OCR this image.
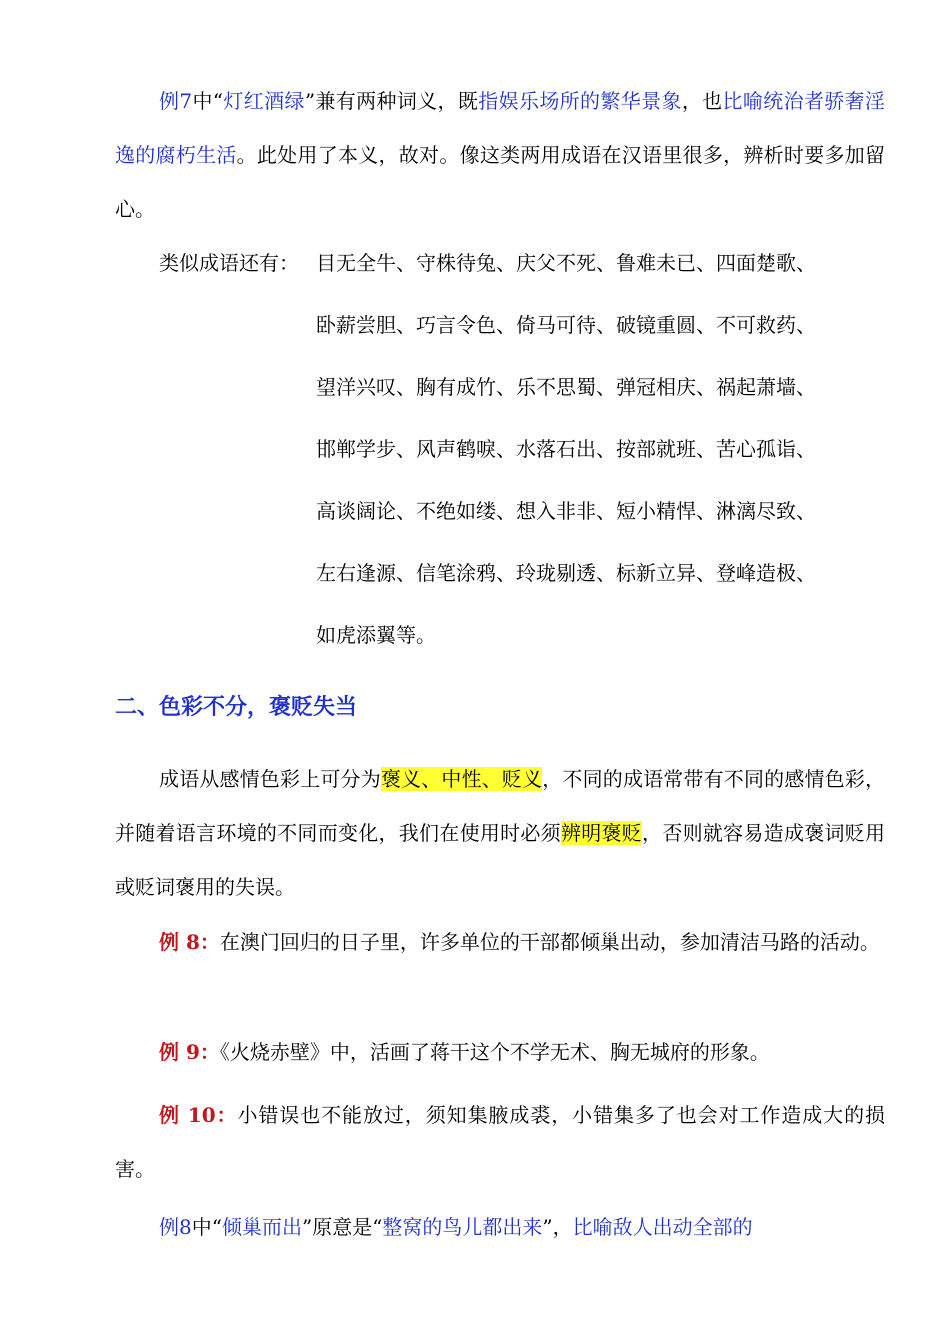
例7中“灯红酒绿”兼有两种词义，既指娱乐场所的繁华景象，也比喻统治者骄奢淫逸的腐朽生活。此处用了本义，故对。像这类两用成语在汉语里很多，辨析时要多加留心。

类似成语还有： 目无全牛、守株待兔、庆父不死、鲁难未已、四面楚歌、
卧薪尝胆、巧言令色、倚马可待、破镜重圆、不可救药、
望洋兴叹、胸有成竹、乐不思蜀、弹冠相庆、祸起萧墙、
邯郸学步、风声鹤唳、水落石出、按部就班、苦心孤诣、
高谈阔论、不绝如缕、想入非非、短小精悍、淋漓尽致、
左右逢源、信笔涂鸦、玲珑剔透、标新立异、登峰造极、
如虎添翼等。
二、色彩不分，褒贬失当

成语从感情色彩上可分为褒义、中性、贬义，不同的成语常带有不同的感情色彩，并随着语言环境的不同而变化，我们在使用时必须辨明褒贬，否则就容易造成褒词贬用或贬词褒用的失误。

例 8：在澳门回归的日子里，许多单位的干部都倾巢出动，参加清洁马路的活动。

例 9：《火烧赤壁》中，活画了蒋干这个不学无术、胸无城府的形象。

例 10：小错误也不能放过，须知集腋成裘，小错集多了也会对工作造成大的损害。

例8中“倾巢而出”原意是“整窝的鸟儿都出来”，比喻敌人出动全部的
